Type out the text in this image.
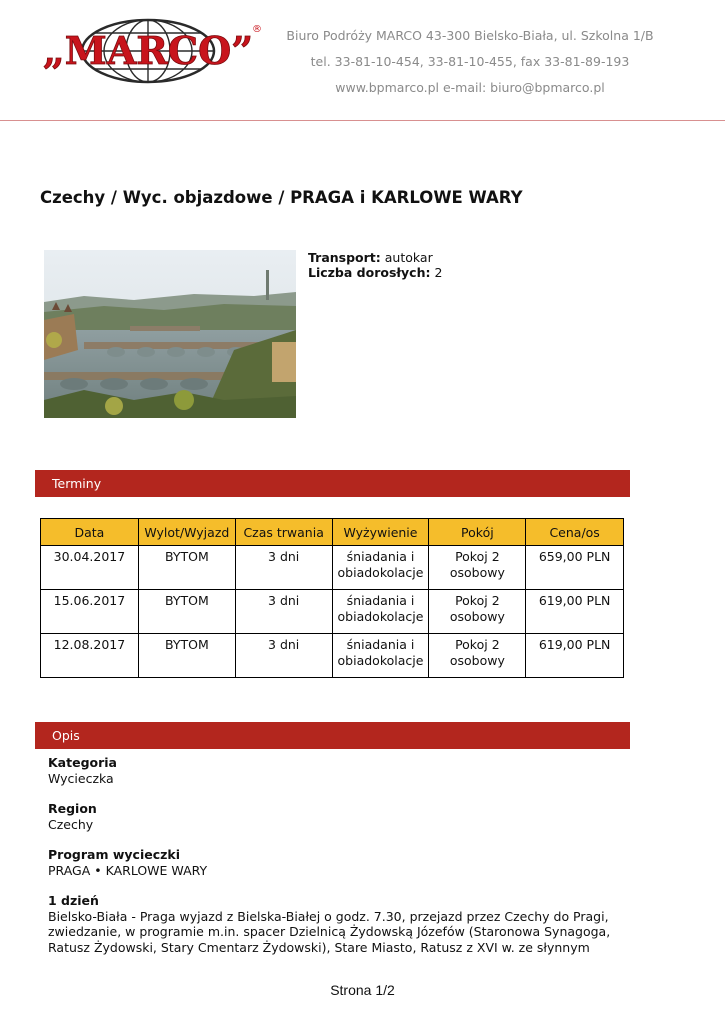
„MARCO”
®	Biuro Podróży MARCO 43-300 Bielsko-Biała, ul. Szkolna 1/B
tel. 33-81-10-454, 33-81-10-455, fax 33-81-89-193
www.bpmarco.pl e-mail: biuro@bpmarco.pl
Czechy / Wyc. objazdowe / PRAGA i KARLOWE WARY
Transport: autokar
Liczba dorosłych: 2
Terminy
Data	Wylot/Wyjazd	Czas trwania	Wyżywienie	Pokój	Cena/os
30.04.2017	BYTOM	3 dni	śniadania i obiadokolacje	Pokoj 2 osobowy	659,00 PLN
15.06.2017	BYTOM	3 dni	śniadania i obiadokolacje	Pokoj 2 osobowy	619,00 PLN
12.08.2017	BYTOM	3 dni	śniadania i obiadokolacje	Pokoj 2 osobowy	619,00 PLN
Opis
Kategoria
Wycieczka
Region
Czechy
Program wycieczki
PRAGA • KARLOWE WARY
1 dzień
Bielsko-Biała - Praga wyjazd z Bielska-Białej o godz. 7.30, przejazd przez Czechy do Pragi, zwiedzanie, w programie m.in. spacer Dzielnicą Żydowską Józefów (Staronowa Synagoga, Ratusz Żydowski, Stary Cmentarz Żydowski), Stare Miasto, Ratusz z XVI w. ze słynnym
Strona 1/2
